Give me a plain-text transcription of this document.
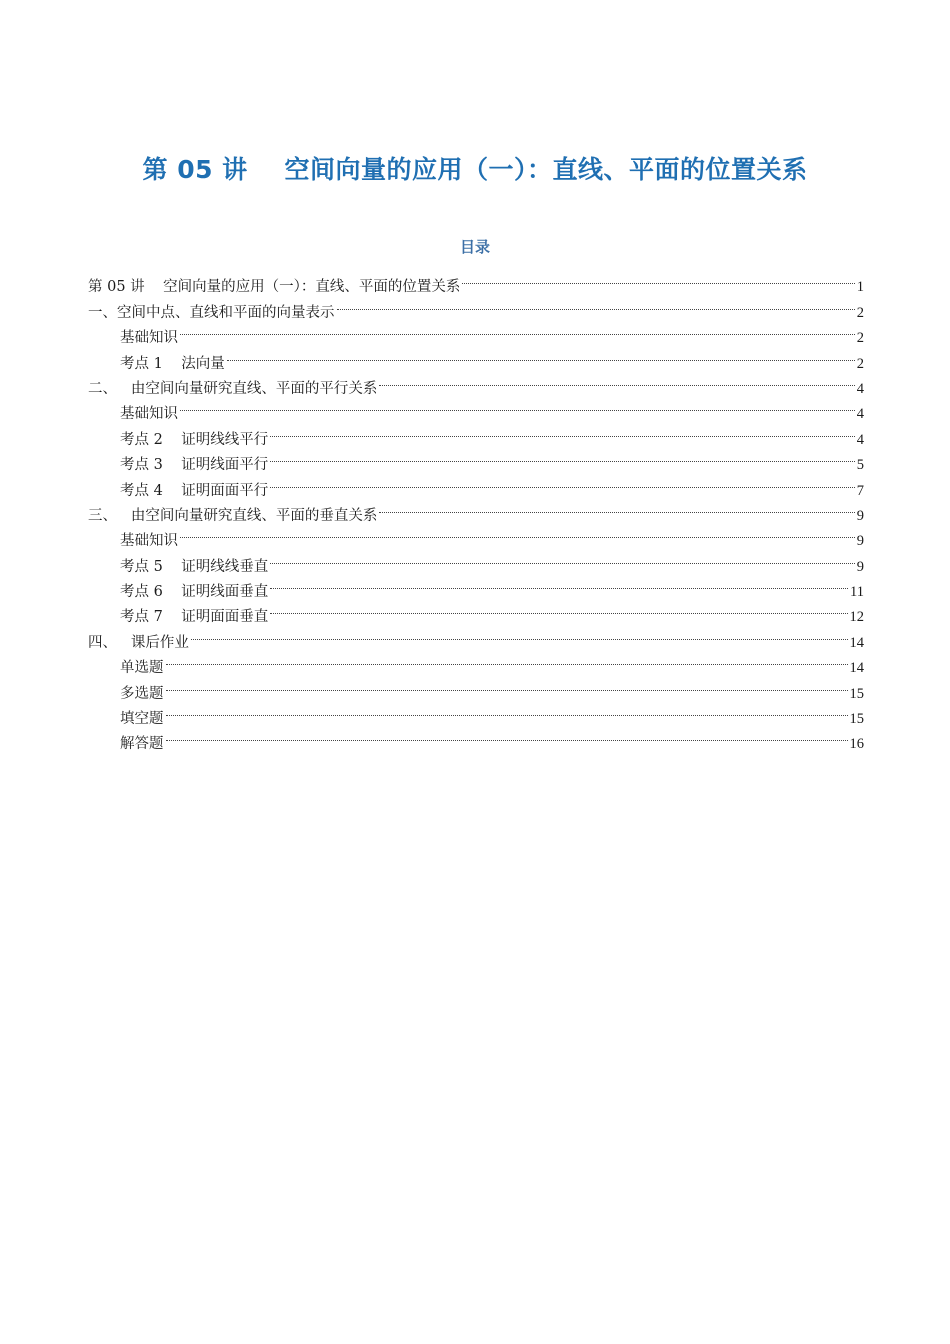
第 05 讲    空间向量的应用（一）：直线、平面的位置关系
目录
第 05 讲    空间向量的应用（一）：直线、平面的位置关系	1
一、空间中点、直线和平面的向量表示	2
基础知识	2
考点 1    法向量	2
二、   由空间向量研究直线、平面的平行关系	4
基础知识	4
考点 2    证明线线平行	4
考点 3    证明线面平行	5
考点 4    证明面面平行	7
三、   由空间向量研究直线、平面的垂直关系	9
基础知识	9
考点 5    证明线线垂直	9
考点 6    证明线面垂直	11
考点 7    证明面面垂直	12
四、   课后作业	14
单选题	14
多选题	15
填空题	15
解答题	16
